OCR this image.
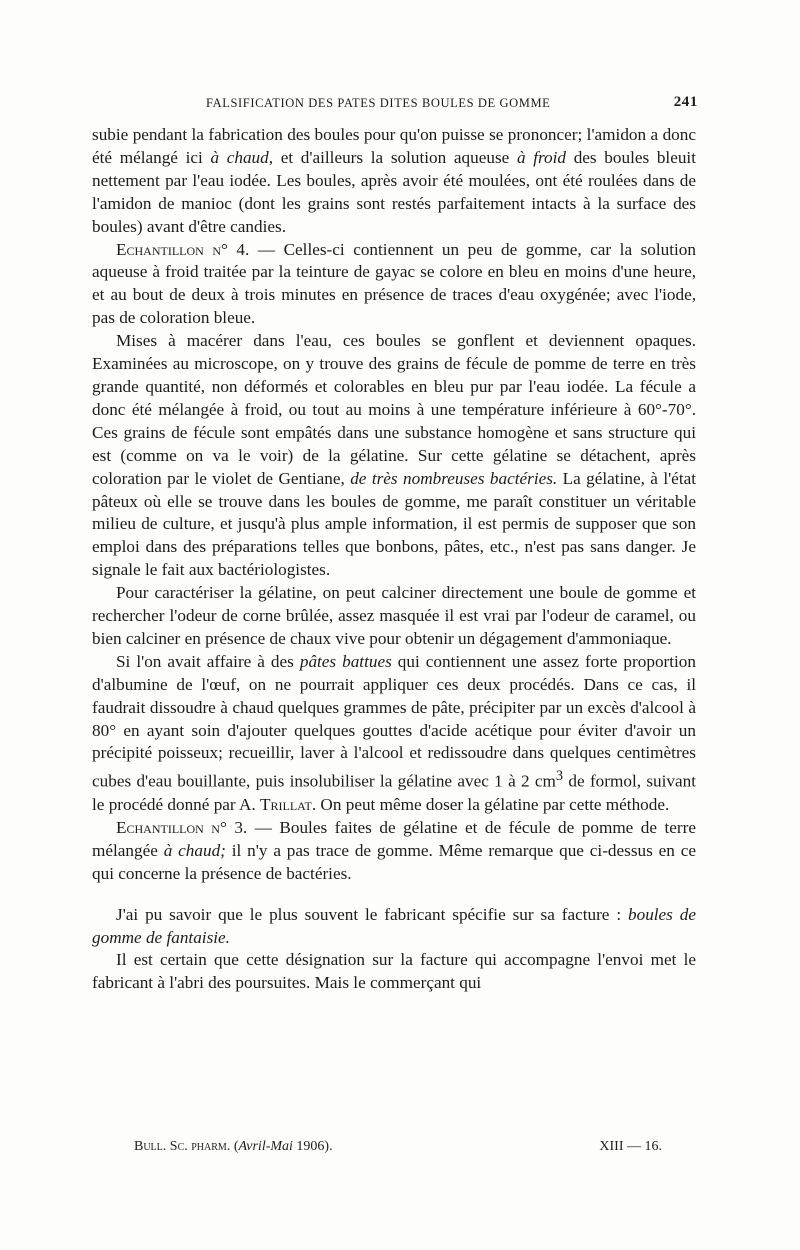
FALSIFICATION DES PATES DITES BOULES DE GOMME	241

subie pendant la fabrication des boules pour qu'on puisse se prononcer; l'amidon a donc été mélangé ici à chaud, et d'ailleurs la solution aqueuse à froid des boules bleuit nettement par l'eau iodée. Les boules, après avoir été moulées, ont été roulées dans de l'amidon de manioc (dont les grains sont restés parfaitement intacts à la surface des boules) avant d'être candies.

Echantillon n° 4. — Celles-ci contiennent un peu de gomme, car la solution aqueuse à froid traitée par la teinture de gayac se colore en bleu en moins d'une heure, et au bout de deux à trois minutes en présence de traces d'eau oxygénée; avec l'iode, pas de coloration bleue.

Mises à macérer dans l'eau, ces boules se gonflent et deviennent opaques. Examinées au microscope, on y trouve des grains de fécule de pomme de terre en très grande quantité, non déformés et colorables en bleu pur par l'eau iodée. La fécule a donc été mélangée à froid, ou tout au moins à une température inférieure à 60°-70°. Ces grains de fécule sont empâtés dans une substance homogène et sans structure qui est (comme on va le voir) de la gélatine. Sur cette gélatine se détachent, après coloration par le violet de Gentiane, de très nombreuses bactéries. La gélatine, à l'état pâteux où elle se trouve dans les boules de gomme, me paraît constituer un véritable milieu de culture, et jusqu'à plus ample information, il est permis de supposer que son emploi dans des préparations telles que bonbons, pâtes, etc., n'est pas sans danger. Je signale le fait aux bactériologistes.

Pour caractériser la gélatine, on peut calciner directement une boule de gomme et rechercher l'odeur de corne brûlée, assez masquée il est vrai par l'odeur de caramel, ou bien calciner en présence de chaux vive pour obtenir un dégagement d'ammoniaque.

Si l'on avait affaire à des pâtes battues qui contiennent une assez forte proportion d'albumine de l'œuf, on ne pourrait appliquer ces deux procédés. Dans ce cas, il faudrait dissoudre à chaud quelques grammes de pâte, précipiter par un excès d'alcool à 80° en ayant soin d'ajouter quelques gouttes d'acide acétique pour éviter d'avoir un précipité poisseux; recueillir, laver à l'alcool et redissoudre dans quelques centimètres cubes d'eau bouillante, puis insolubiliser la gélatine avec 1 à 2 $cm^3$ de formol, suivant le procédé donné par A. Trillat. On peut même doser la gélatine par cette méthode.

Echantillon n° 3. — Boules faites de gélatine et de fécule de pomme de terre mélangée à chaud; il n'y a pas trace de gomme. Même remarque que ci-dessus en ce qui concerne la présence de bactéries.

J'ai pu savoir que le plus souvent le fabricant spécifie sur sa facture : boules de gomme de fantaisie.

Il est certain que cette désignation sur la facture qui accompagne l'envoi met le fabricant à l'abri des poursuites. Mais le commerçant qui

Bull. Sc. pharm. (Avril-Mai 1906).	XIII — 16.
